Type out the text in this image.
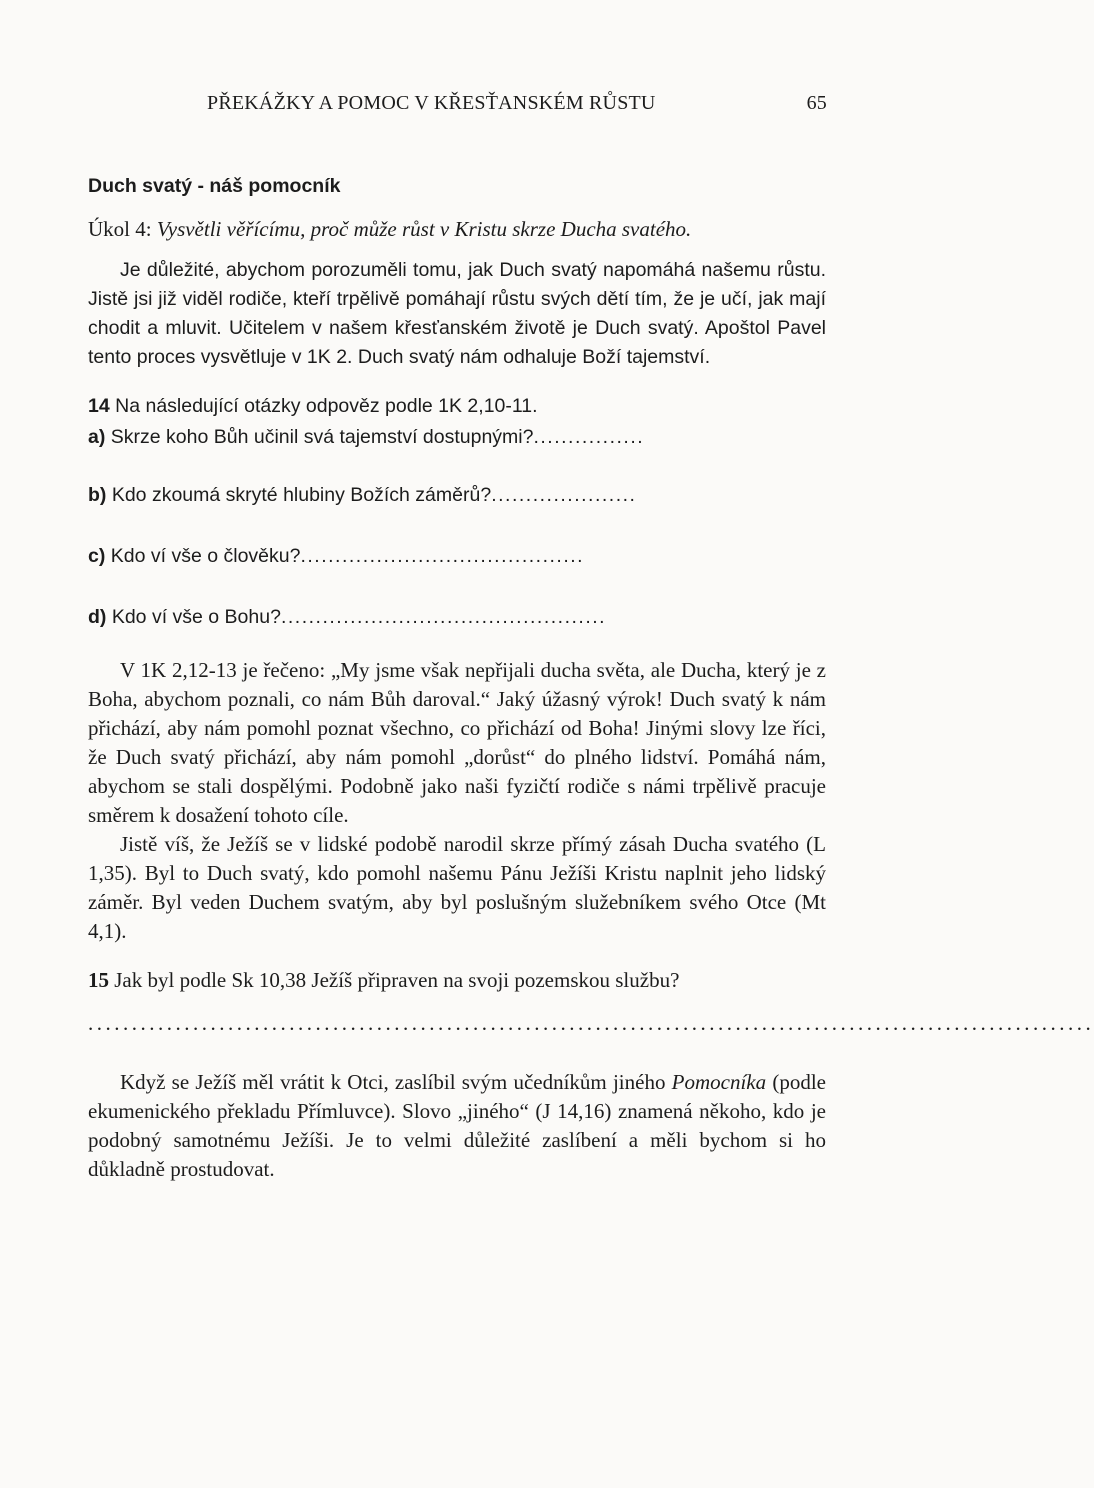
PŘEKÁŽKY A POMOC V KŘESŤANSKÉM RŮSTU	65
Duch svatý - náš pomocník
Úkol 4: Vysvětli věřícímu, proč může růst v Kristu skrze Ducha svatého.

Je důležité, abychom porozuměli tomu, jak Duch svatý napomáhá našemu růstu. Jistě jsi již viděl rodiče, kteří trpělivě pomáhají růstu svých dětí tím, že je učí, jak mají chodit a mluvit. Učitelem v našem křesťanském životě je Duch svatý. Apoštol Pavel tento proces vysvětluje v 1K 2. Duch svatý nám odhaluje Boží tajemství.

14 Na následující otázky odpověz podle 1K 2,10-11.
a) Skrze koho Bůh učinil svá tajemství dostupnými?................
b) Kdo zkoumá skryté hlubiny Božích záměrů?.....................
c) Kdo ví vše o člověku?.........................................
d) Kdo ví vše o Bohu?...............................................

V 1K 2,12-13 je řečeno: „My jsme však nepřijali ducha světa, ale Ducha, který je z Boha, abychom poznali, co nám Bůh daroval.“ Jaký úžasný výrok! Duch svatý k nám přichází, aby nám pomohl poznat všechno, co přichází od Boha! Jinými slovy lze říci, že Duch svatý přichází, aby nám pomohl „dorůst“ do plného lidství. Pomáhá nám, abychom se stali dospělými. Podobně jako naši fyzičtí rodiče s námi trpělivě pracuje směrem k dosažení tohoto cíle.

Jistě víš, že Ježíš se v lidské podobě narodil skrze přímý zásah Ducha svatého (L 1,35). Byl to Duch svatý, kdo pomohl našemu Pánu Ježíši Kristu naplnit jeho lidský záměr. Byl veden Duchem svatým, aby byl poslušným služebníkem svého Otce (Mt 4,1).

15 Jak byl podle Sk 10,38 Ježíš připraven na svoji pozemskou službu?
...................................................................................................................

Když se Ježíš měl vrátit k Otci, zaslíbil svým učedníkům jiného Pomocníka (podle ekumenického překladu Přímluvce). Slovo „jiného“ (J 14,16) znamená někoho, kdo je podobný samotnému Ježíši. Je to velmi důležité zaslíbení a měli bychom si ho důkladně prostudovat.
